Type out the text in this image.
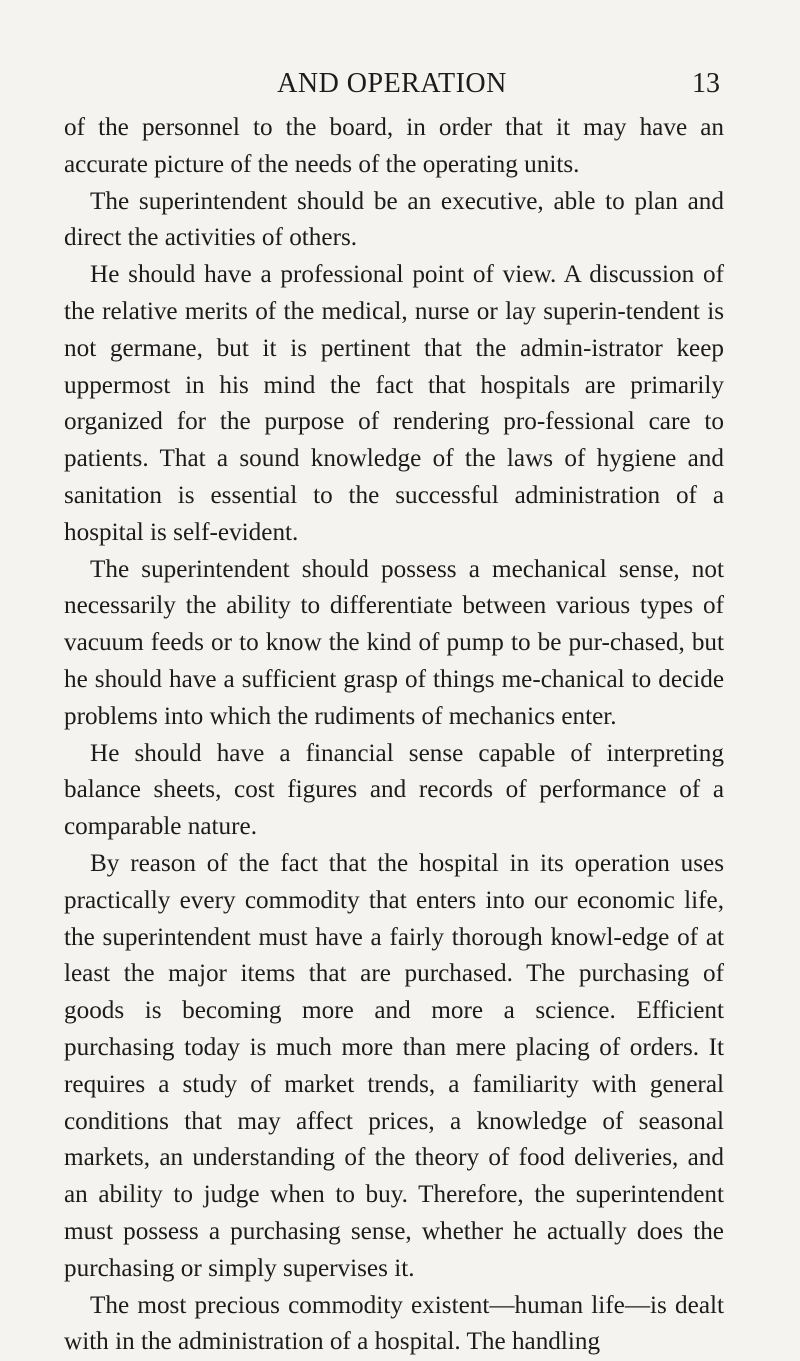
AND OPERATION	13

of the personnel to the board, in order that it may have an accurate picture of the needs of the operating units.

The superintendent should be an executive, able to plan and direct the activities of others.

He should have a professional point of view. A discussion of the relative merits of the medical, nurse or lay superin-tendent is not germane, but it is pertinent that the admin-istrator keep uppermost in his mind the fact that hospitals are primarily organized for the purpose of rendering pro-fessional care to patients. That a sound knowledge of the laws of hygiene and sanitation is essential to the successful administration of a hospital is self-evident.

The superintendent should possess a mechanical sense, not necessarily the ability to differentiate between various types of vacuum feeds or to know the kind of pump to be pur-chased, but he should have a sufficient grasp of things me-chanical to decide problems into which the rudiments of mechanics enter.

He should have a financial sense capable of interpreting balance sheets, cost figures and records of performance of a comparable nature.

By reason of the fact that the hospital in its operation uses practically every commodity that enters into our economic life, the superintendent must have a fairly thorough knowl-edge of at least the major items that are purchased. The purchasing of goods is becoming more and more a science. Efficient purchasing today is much more than mere placing of orders. It requires a study of market trends, a familiarity with general conditions that may affect prices, a knowledge of seasonal markets, an understanding of the theory of food deliveries, and an ability to judge when to buy. Therefore, the superintendent must possess a purchasing sense, whether he actually does the purchasing or simply supervises it.

The most precious commodity existent—human life—is dealt with in the administration of a hospital. The handling
